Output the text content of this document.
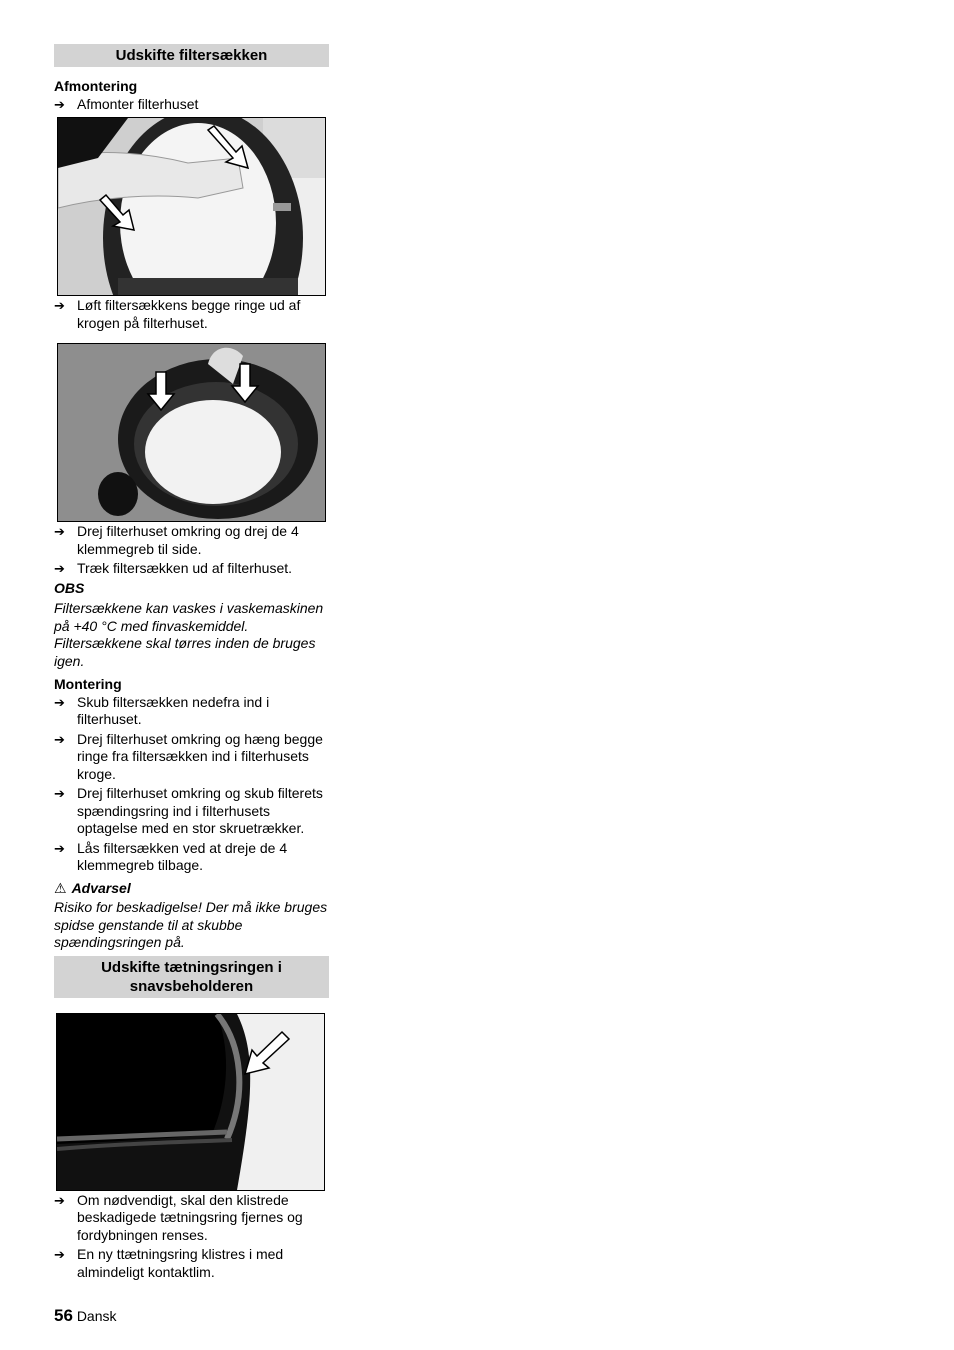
Udskifte filtersækken
Afmontering
➔ Afmonter filterhuset
➔ Løft filtersækkens begge ringe ud af krogen på filterhuset.
➔ Drej filterhuset omkring og drej de 4 klemmegreb til side.
➔ Træk filtersækken ud af filterhuset.
OBS
Filtersækkene kan vaskes i vaskemaskinen på +40 °C med finvaskemiddel. Filtersækkene skal tørres inden de bruges igen.
Montering
➔ Skub filtersækken nedefra ind i filterhuset.
➔ Drej filterhuset omkring og hæng begge ringe fra filtersækken ind i filterhusets kroge.
➔ Drej filterhuset omkring og skub filterets spændingsring ind i filterhusets optagelse med en stor skruetrækker.
➔ Lås filtersækken ved at dreje de 4 klemmegreb tilbage.
⚠ Advarsel
Risiko for beskadigelse! Der må ikke bruges spidse genstande til at skubbe spændingsringen på.
Udskifte tætningsringen i snavsbeholderen
➔ Om nødvendigt, skal den klistrede beskadigede tætningsring fjernes og fordybningen renses.
➔ En ny ttætningsring klistres i med almindeligt kontaktlim.
56 Dansk
